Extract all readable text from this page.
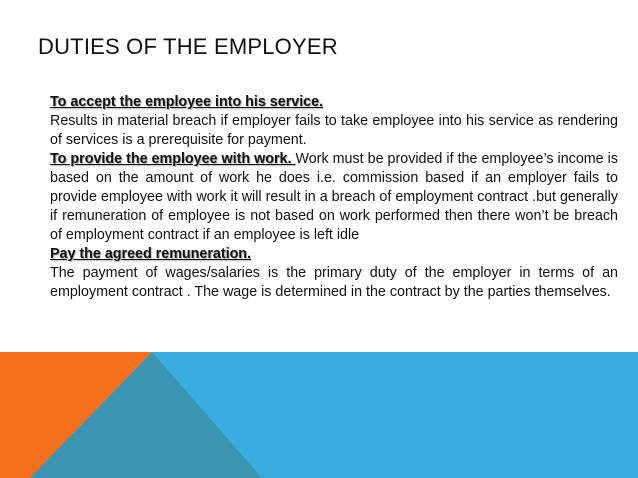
DUTIES OF THE EMPLOYER

To accept the employee into his service.
Results in material breach if employer fails to take employee into his service as rendering of services is a prerequisite for payment.

To provide the employee with work. Work must be provided if the employee’s income is based on the amount of work he does i.e. commission based if an employer fails to provide employee with work it will result in a breach of employment contract .but generally if remuneration of employee is not based on work performed then there won’t be breach of employment contract if an employee is left idle

Pay the agreed remuneration.
The payment of wages/salaries is the primary duty of the employer in terms of an employment contract . The wage is determined in the contract by the parties themselves.
